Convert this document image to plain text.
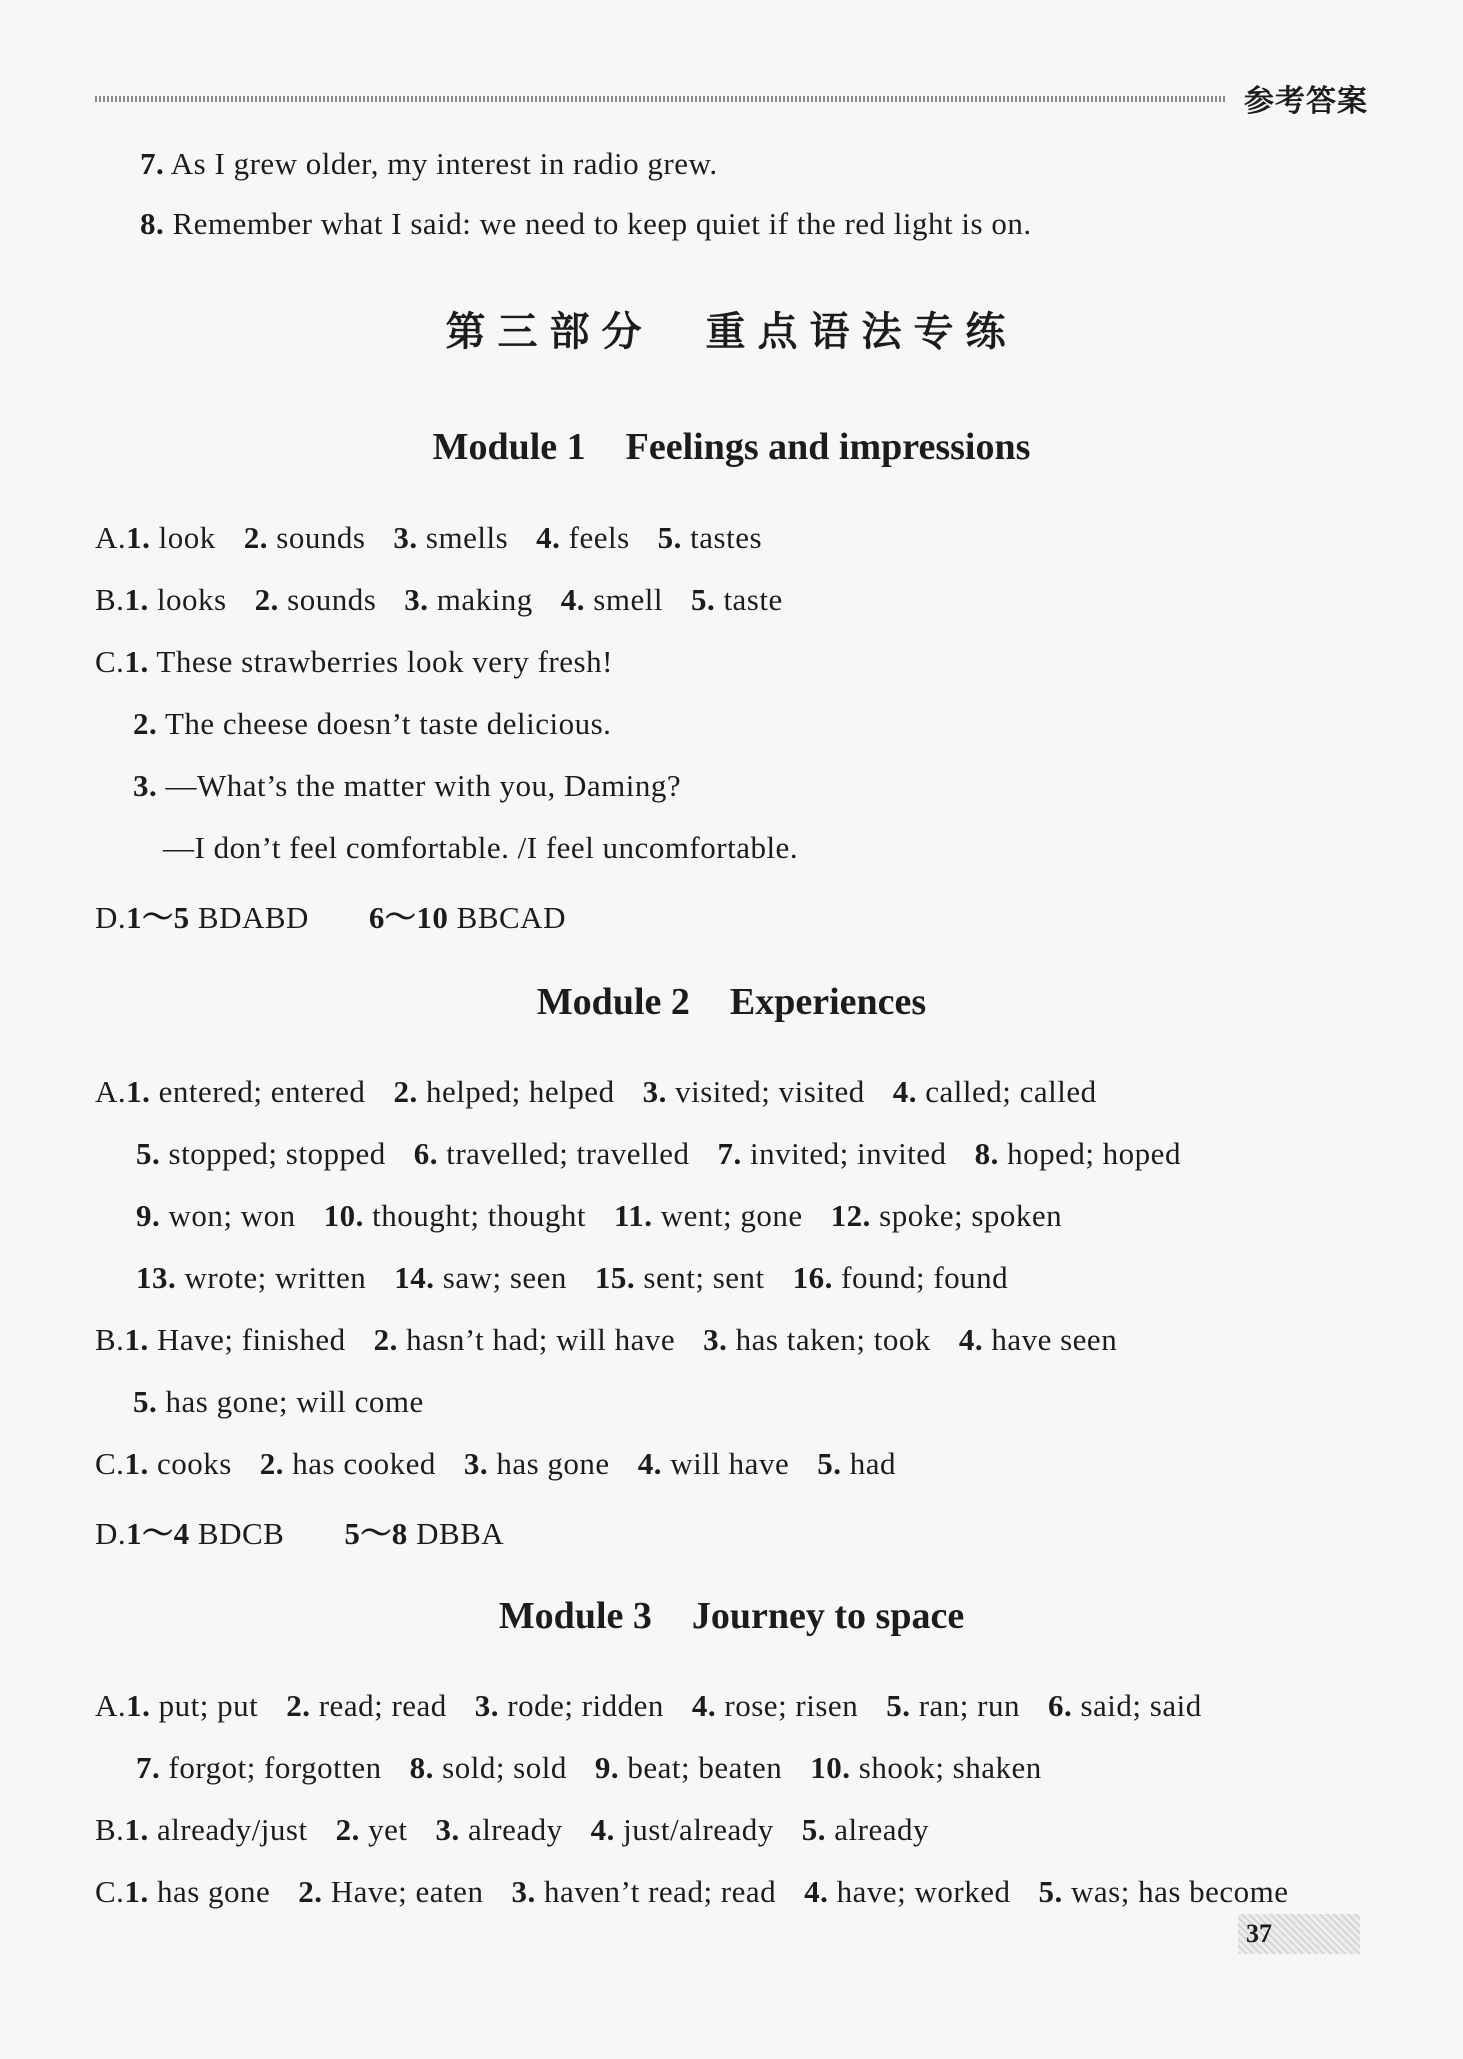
参考答案
7. As I grew older, my interest in radio grew.
8. Remember what I said: we need to keep quiet if the red light is on.
第三部分　重点语法专练
Module 1 Feelings and impressions
A.1. look 2. sounds 3. smells 4. feels 5. tastes
B.1. looks 2. sounds 3. making 4. smell 5. taste
C.1. These strawberries look very fresh!
2. The cheese doesn’t taste delicious.
3. —What’s the matter with you, Daming?
—I don’t feel comfortable. /I feel uncomfortable.
D.1～5 BDABD 6～10 BBCAD
Module 2 Experiences
A.1. entered; entered 2. helped; helped 3. visited; visited 4. called; called
5. stopped; stopped 6. travelled; travelled 7. invited; invited 8. hoped; hoped
9. won; won 10. thought; thought 11. went; gone 12. spoke; spoken
13. wrote; written 14. saw; seen 15. sent; sent 16. found; found
B.1. Have; finished 2. hasn’t had; will have 3. has taken; took 4. have seen
5. has gone; will come
C.1. cooks 2. has cooked 3. has gone 4. will have 5. had
D.1～4 BDCB 5～8 DBBA
Module 3 Journey to space
A.1. put; put 2. read; read 3. rode; ridden 4. rose; risen 5. ran; run 6. said; said
7. forgot; forgotten 8. sold; sold 9. beat; beaten 10. shook; shaken
B.1. already/just 2. yet 3. already 4. just/already 5. already
C.1. has gone 2. Have; eaten 3. haven’t read; read 4. have; worked 5. was; has become
37
